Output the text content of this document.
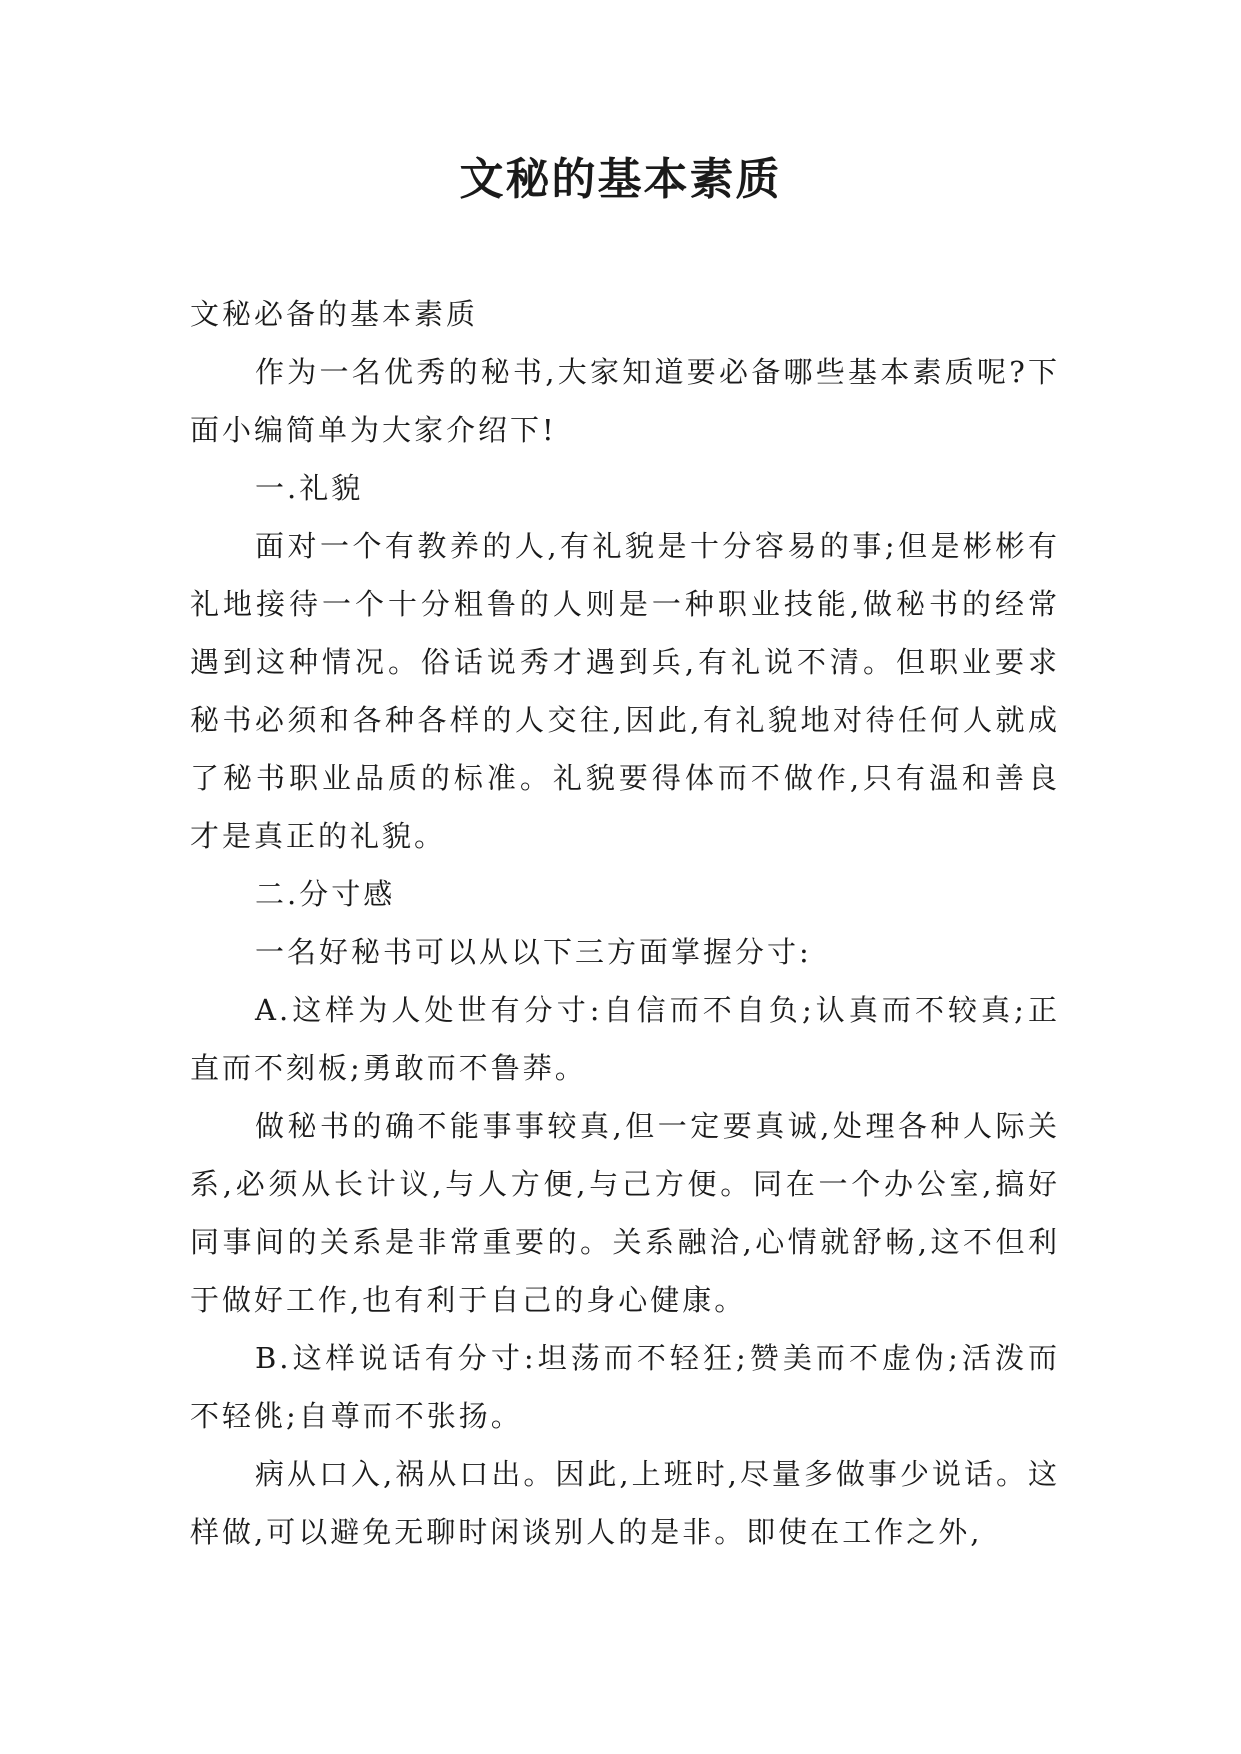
文秘的基本素质

文秘必备的基本素质

作为一名优秀的秘书,大家知道要必备哪些基本素质呢?下面小编简单为大家介绍下!

一.礼貌

面对一个有教养的人,有礼貌是十分容易的事;但是彬彬有礼地接待一个十分粗鲁的人则是一种职业技能,做秘书的经常遇到这种情况。俗话说秀才遇到兵,有礼说不清。但职业要求秘书必须和各种各样的人交往,因此,有礼貌地对待任何人就成了秘书职业品质的标准。礼貌要得体而不做作,只有温和善良才是真正的礼貌。

二.分寸感

一名好秘书可以从以下三方面掌握分寸:

A.这样为人处世有分寸:自信而不自负;认真而不较真;正直而不刻板;勇敢而不鲁莽。

做秘书的确不能事事较真,但一定要真诚,处理各种人际关系,必须从长计议,与人方便,与己方便。同在一个办公室,搞好同事间的关系是非常重要的。关系融洽,心情就舒畅,这不但利于做好工作,也有利于自己的身心健康。

B.这样说话有分寸:坦荡而不轻狂;赞美而不虚伪;活泼而不轻佻;自尊而不张扬。

病从口入,祸从口出。因此,上班时,尽量多做事少说话。这样做,可以避免无聊时闲谈别人的是非。即使在工作之外,
